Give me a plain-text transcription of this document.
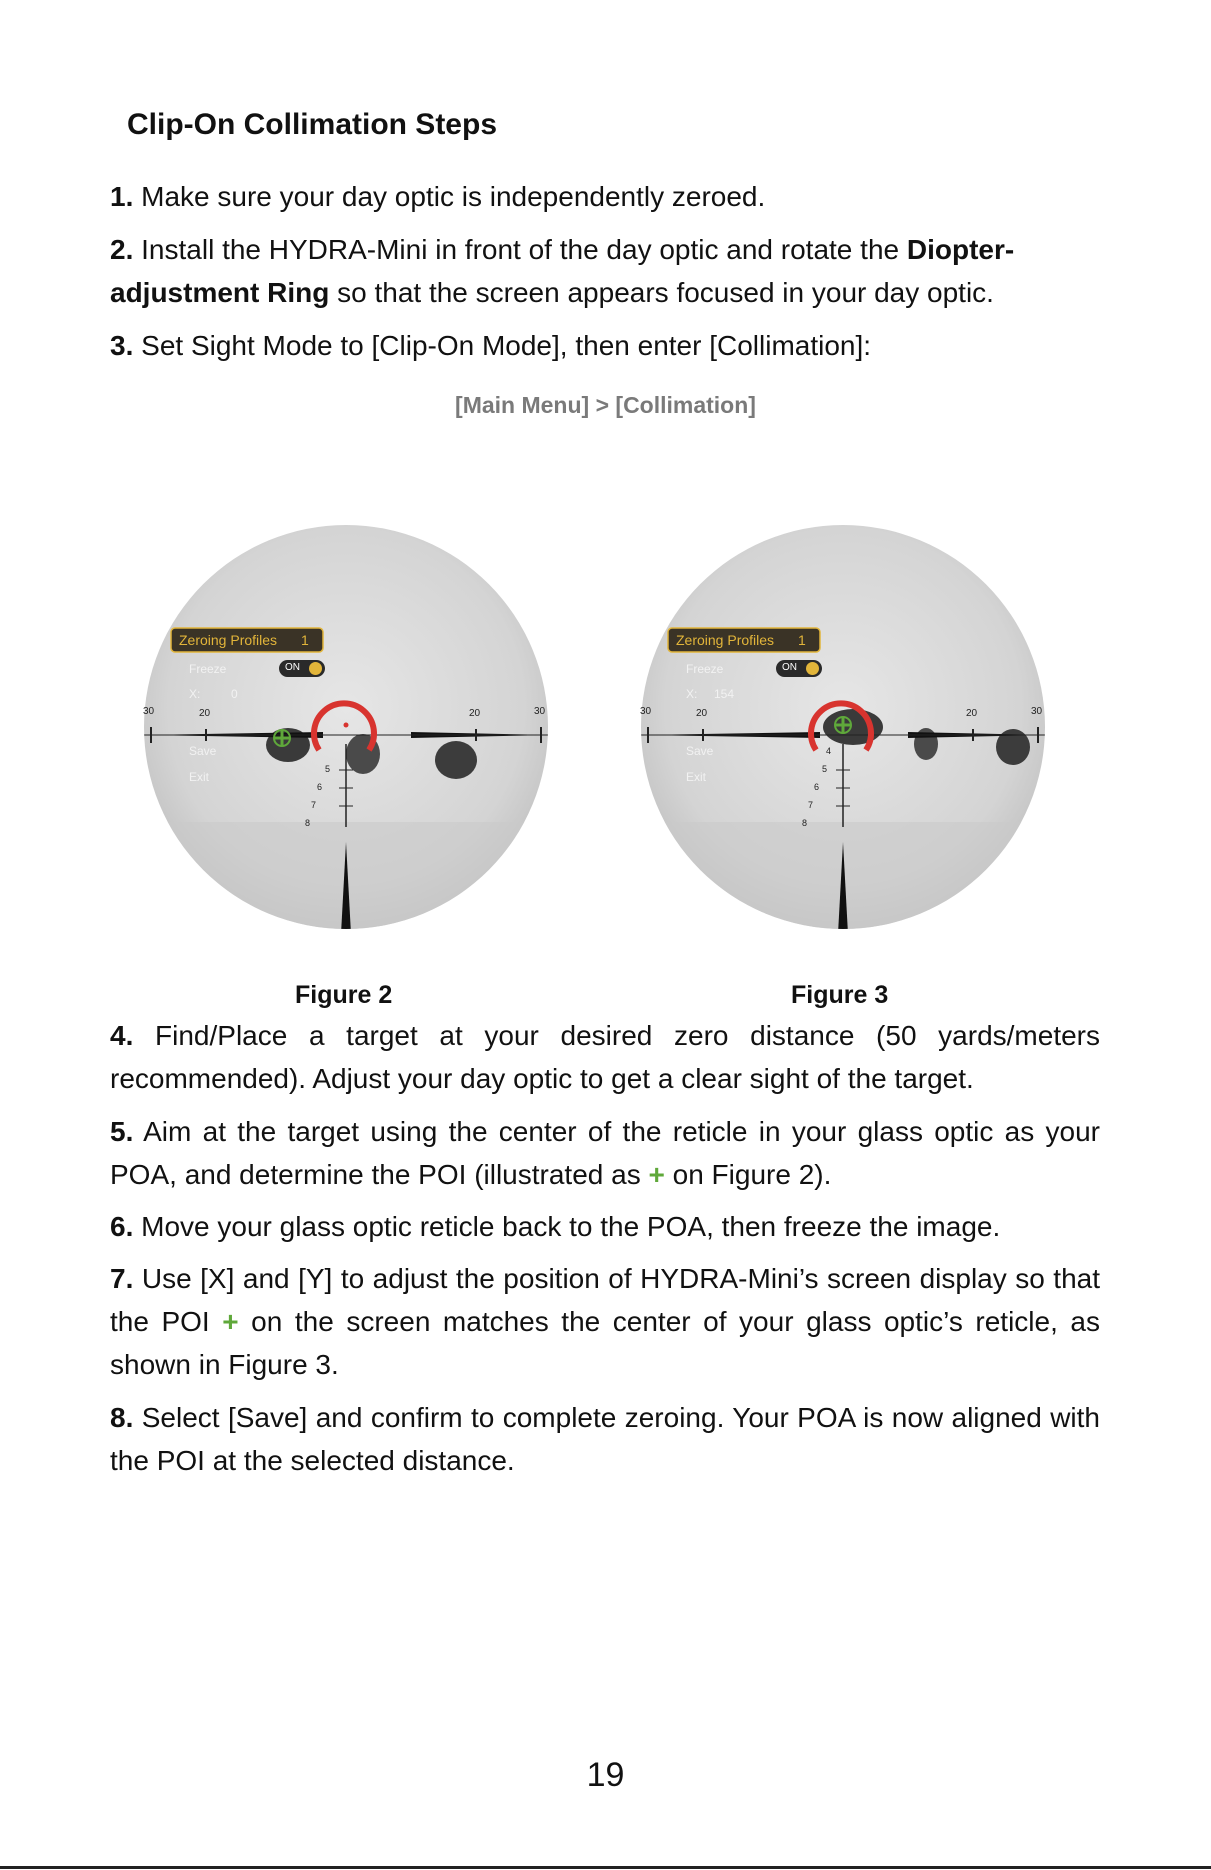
Clip-On Collimation Steps

1. Make sure your day optic is independently zeroed.

2. Install the HYDRA-Mini in front of the day optic and rotate the Diopter-adjustment Ring so that the screen appears focused in your day optic.

3. Set Sight Mode to [Clip-On Mode], then enter [Collimation]:

[Main Menu] > [Collimation]
Zeroing Profiles 1
Freeze	ON
X:	0
Save
Exit
30	20	20	30
5
6
7
8
Zeroing Profiles 1
Freeze	ON
X: 154
Save
Exit
30	20	20	30
4
5
6
7
8
Figure 2	Figure 3

4. Find/Place a target at your desired zero distance (50 yards/meters recommended). Adjust your day optic to get a clear sight of the target.

5. Aim at the target using the center of the reticle in your glass optic as your POA, and determine the POI (illustrated as + on Figure 2).

6. Move your glass optic reticle back to the POA, then freeze the image.

7. Use [X] and [Y] to adjust the position of HYDRA-Mini’s screen display so that the POI + on the screen matches the center of your glass optic’s reticle, as shown in Figure 3.

8. Select [Save] and confirm to complete zeroing. Your POA is now aligned with the POI at the selected distance.

19
